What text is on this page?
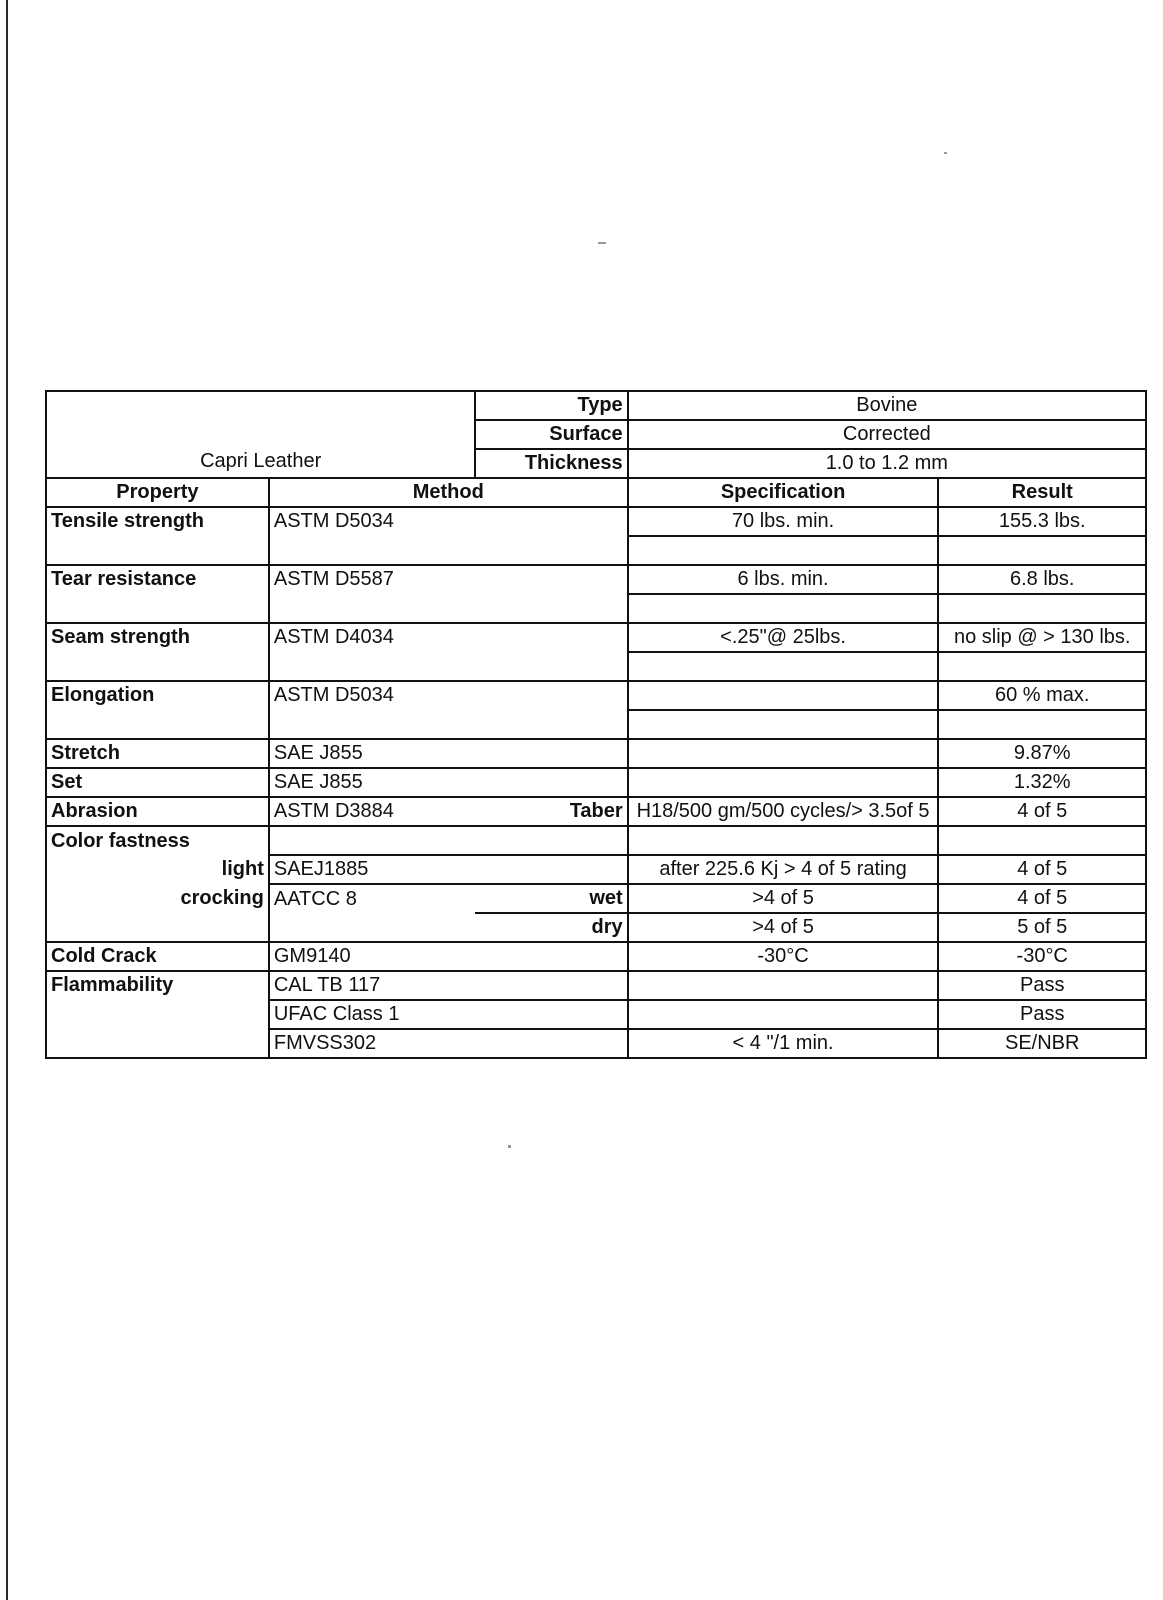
Capri Leather		Type	Bovine	
		Surface	Corrected	
		Thickness	1.0 to 1.2 mm	
Property	Method		Specification	Result
Tensile strength	ASTM D5034		70 lbs. min.	155.3 lbs.

Tear resistance	ASTM D5587		6 lbs. min.	6.8 lbs.

Seam strength	ASTM D4034		<.25"@ 25lbs.	no slip @ > 130 lbs.

Elongation	ASTM D5034			60 % max.

Stretch	SAE J855			9.87%
Set	SAE J855			1.32%
Abrasion	ASTM D3884	Taber	H18/500 gm/500 cycles/> 3.5of 5	4 of 5
Color fastness				
light	SAEJ1885		after 225.6 Kj > 4 of 5 rating	4 of 5
crocking	AATCC 8	wet	>4 of 5	4 of 5
		dry	>4 of 5	5 of 5
Cold Crack	GM9140		-30°C	-30°C
Flammability	CAL TB 117			Pass
	UFAC Class 1			Pass
	FMVSS302		< 4 "/1 min.	SE/NBR
